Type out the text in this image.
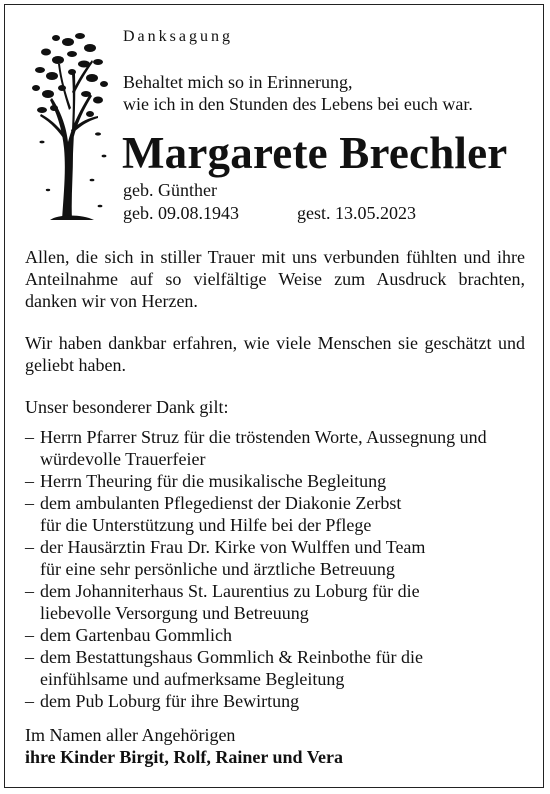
Danksagung

Behaltet mich so in Erinnerung,
wie ich in den Stunden des Lebens bei euch war.
Margarete Brechler

geb. Günther

geb. 09.08.1943	gest. 13.05.2023

Allen, die sich in stiller Trauer mit uns verbunden fühlten und ihre Anteilnahme auf so vielfältige Weise zum Ausdruck brachten, danken wir von Herzen.

Wir haben dankbar erfahren, wie viele Menschen sie geschätzt und geliebt haben.

Unser besonderer Dank gilt:

– Herrn Pfarrer Struz für die tröstenden Worte, Aussegnung und
würdevolle Trauerfeier
– Herrn Theuring für die musikalische Begleitung
– dem ambulanten Pflegedienst der Diakonie Zerbst
für die Unterstützung und Hilfe bei der Pflege
– der Hausärztin Frau Dr. Kirke von Wulffen und Team
für eine sehr persönliche und ärztliche Betreuung
– dem Johanniterhaus St. Laurentius zu Loburg für die
liebevolle Versorgung und Betreuung
– dem Gartenbau Gommlich
– dem Bestattungshaus Gommlich & Reinbothe für die
einfühlsame und aufmerksame Begleitung
– dem Pub Loburg für ihre Bewirtung

Im Namen aller Angehörigen

ihre Kinder Birgit, Rolf, Rainer und Vera
